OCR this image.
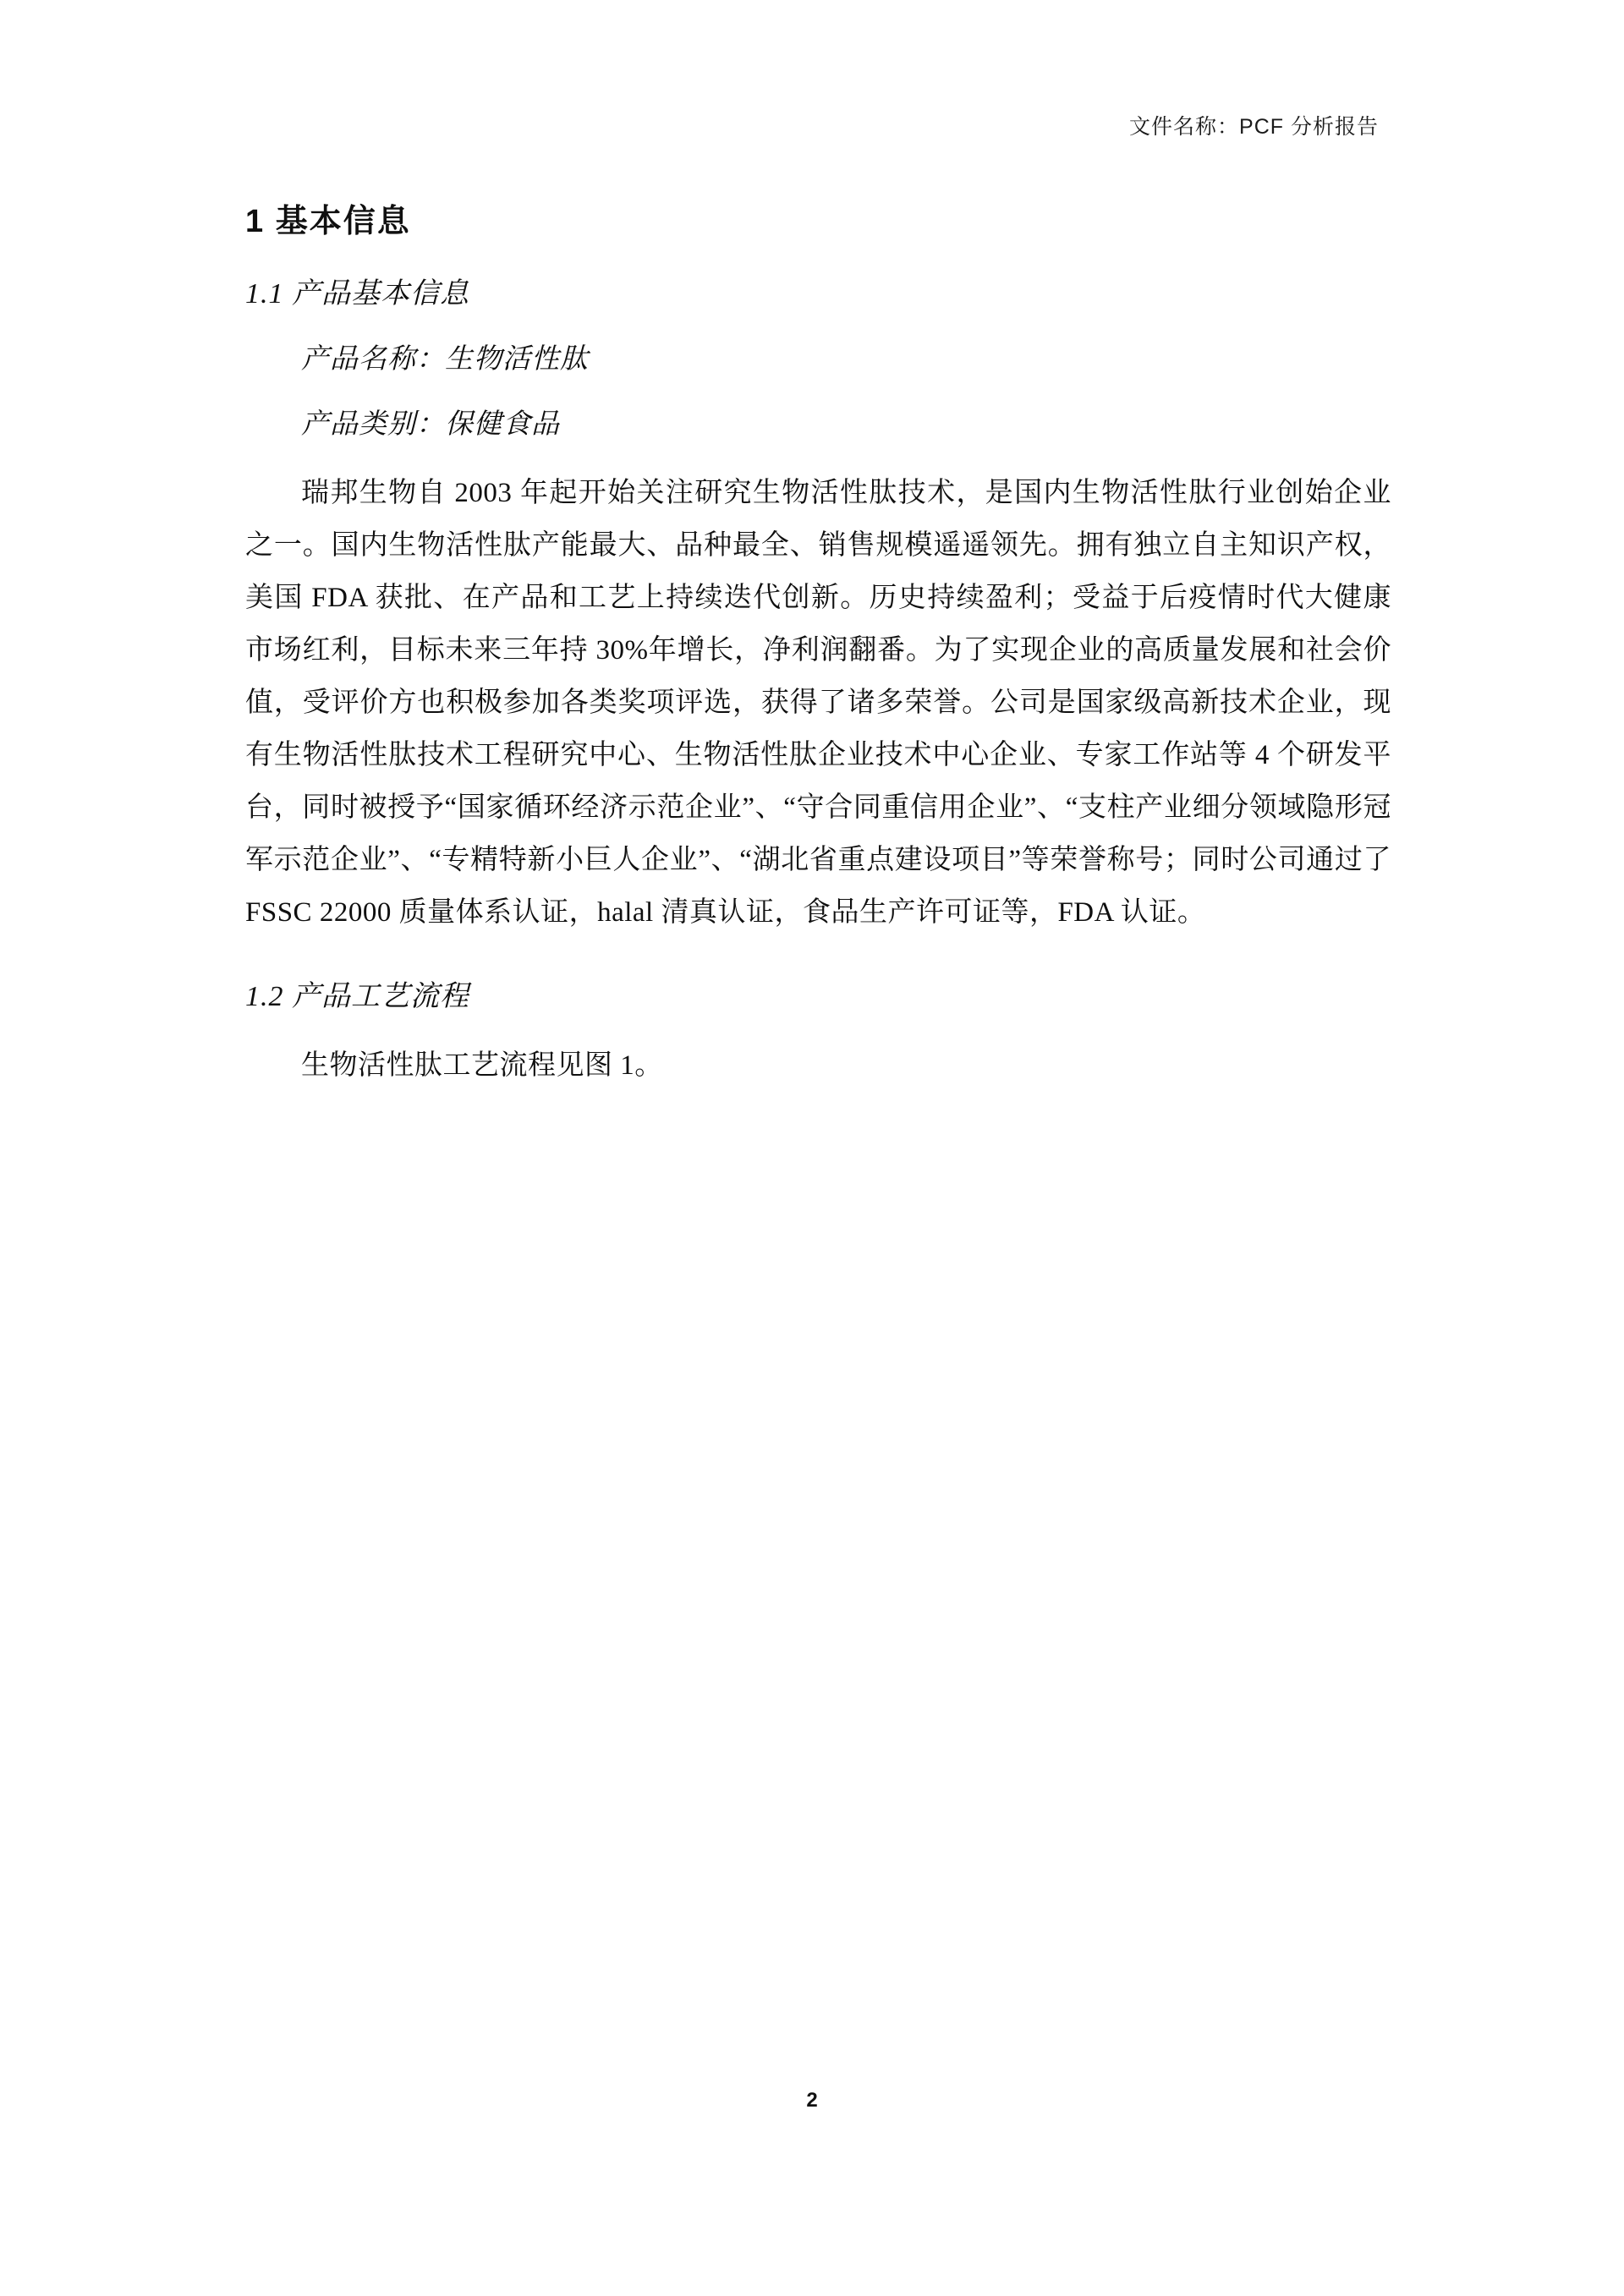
文件名称：PCF 分析报告
1 基本信息
1.1 产品基本信息
产品名称：生物活性肽
产品类别：保健食品

瑞邦生物自 2003 年起开始关注研究生物活性肽技术，是国内生物活性肽行业创始企业之一。国内生物活性肽产能最大、品种最全、销售规模遥遥领先。拥有独立自主知识产权，美国 FDA 获批、在产品和工艺上持续迭代创新。历史持续盈利；受益于后疫情时代大健康市场红利，目标未来三年持 30%年增长，净利润翻番。为了实现企业的高质量发展和社会价值，受评价方也积极参加各类奖项评选，获得了诸多荣誉。公司是国家级高新技术企业，现有生物活性肽技术工程研究中心、生物活性肽企业技术中心企业、专家工作站等 4 个研发平台，同时被授予“国家循环经济示范企业”、“守合同重信用企业”、“支柱产业细分领域隐形冠军示范企业”、“专精特新小巨人企业”、“湖北省重点建设项目”等荣誉称号；同时公司通过了 FSSC 22000 质量体系认证，halal 清真认证，食品生产许可证等，FDA 认证。

1.2 产品工艺流程

生物活性肽工艺流程见图 1。

2
